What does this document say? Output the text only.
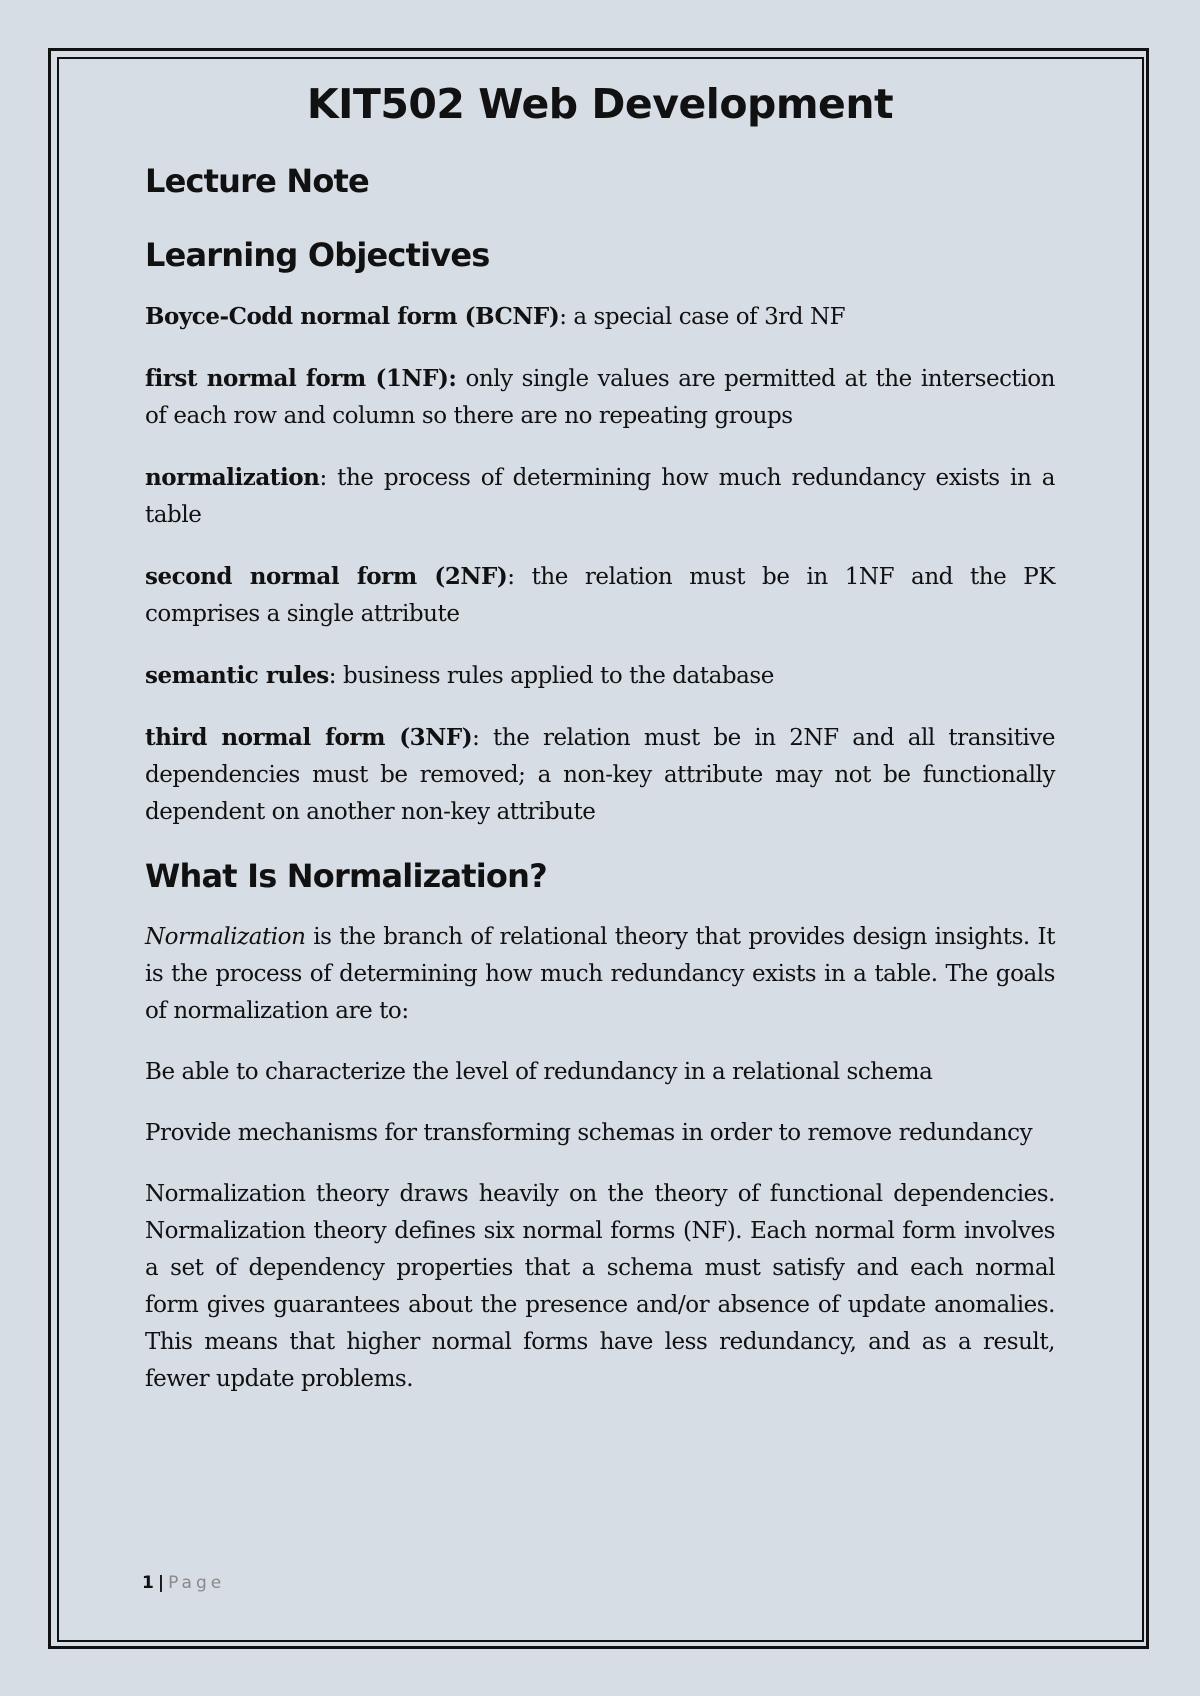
KIT502 Web Development
Lecture Note
Learning Objectives

Boyce-Codd normal form (BCNF): a special case of 3rd NF

first normal form (1NF): only single values are permitted at the intersection of each row and column so there are no repeating groups

normalization: the process of determining how much redundancy exists in a table

second normal form (2NF): the relation must be in 1NF and the PK comprises a single attribute

semantic rules: business rules applied to the database

third normal form (3NF): the relation must be in 2NF and all transitive dependencies must be removed; a non-key attribute may not be functionally dependent on another non-key attribute

What Is Normalization?

Normalization is the branch of relational theory that provides design insights. It is the process of determining how much redundancy exists in a table. The goals of normalization are to:

Be able to characterize the level of redundancy in a relational schema

Provide mechanisms for transforming schemas in order to remove redundancy

Normalization theory draws heavily on the theory of functional dependencies. Normalization theory defines six normal forms (NF). Each normal form involves a set of dependency properties that a schema must satisfy and each normal form gives guarantees about the presence and/or absence of update anomalies. This means that higher normal forms have less redundancy, and as a result, fewer update problems.

1 | Page
